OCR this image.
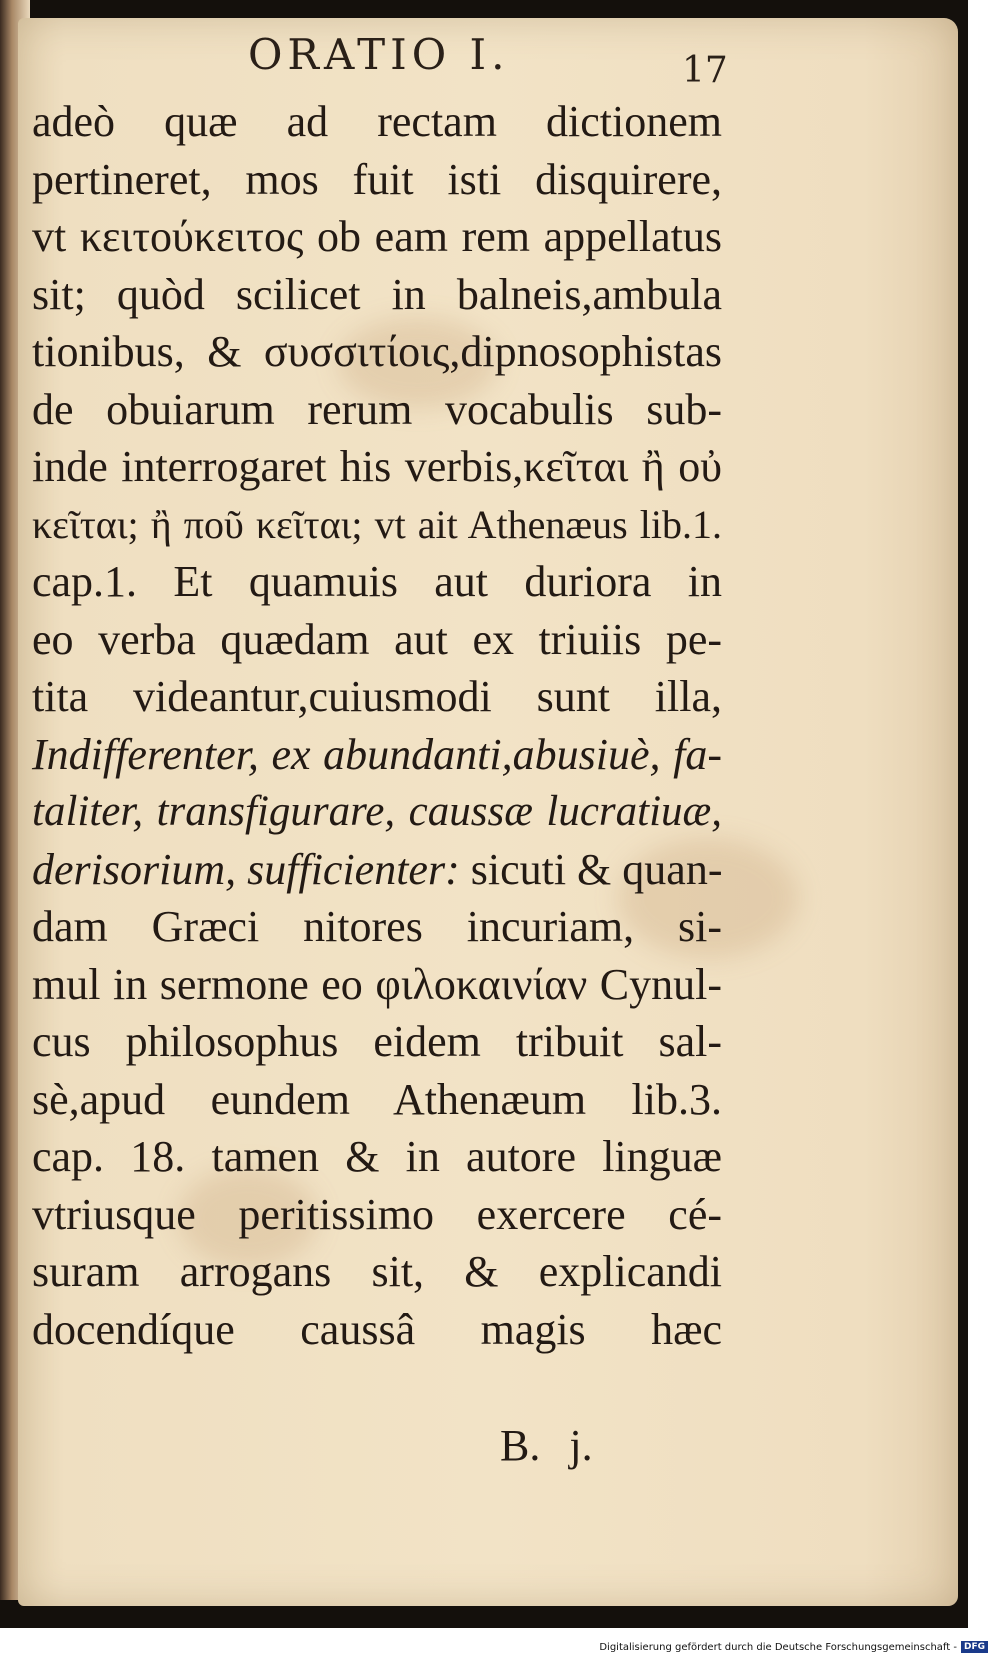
ORATIO I.	17
adeò quæ ad rectam dictionem
pertineret, mos fuit isti disquirere,
vt κειτούκειτος ob eam rem appellatus
sit; quòd scilicet in balneis,ambula
tionibus, & συσσιτίοις,dipnosophistas
de obuiarum rerum vocabulis sub-
inde interrogaret his verbis,κεῖται ἢ οὐ
κεῖται; ἢ ποῦ κεῖται; vt ait Athenæus lib.1.
cap.1. Et quamuis aut duriora in
eo verba quædam aut ex triuiis pe-
tita videantur,cuiusmodi sunt illa,
Indifferenter, ex abundanti,abusiuè, fa-
taliter, transfigurare, caussæ lucratiuæ,
derisorium, sufficienter: sicuti & quan-
dam Græci nitores incuriam, si-
mul in sermone eo φιλοκαινίαν Cynul-
cus philosophus eidem tribuit sal-
sè,apud eundem Athenæum lib.3.
cap. 18. tamen & in autore linguæ
vtriusque peritissimo exercere cé-
suram arrogans sit, & explicandi
docendíque caussâ magis hæc
B. j.
Digitalisierung gefördert durch die Deutsche Forschungsgemeinschaft - DFG
